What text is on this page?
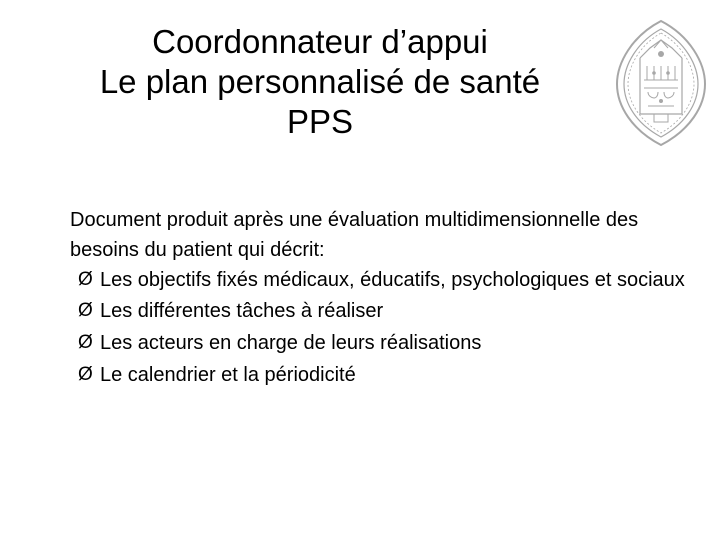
Coordonnateur d’appui
Le plan personnalisé de santé
PPS

Document produit après une évaluation multidimensionnelle des besoins du patient qui décrit:

Ø Les objectifs fixés médicaux, éducatifs, psychologiques et sociaux
Ø Les différentes tâches à réaliser
Ø Les acteurs en charge de leurs réalisations
Ø Le calendrier et la périodicité
